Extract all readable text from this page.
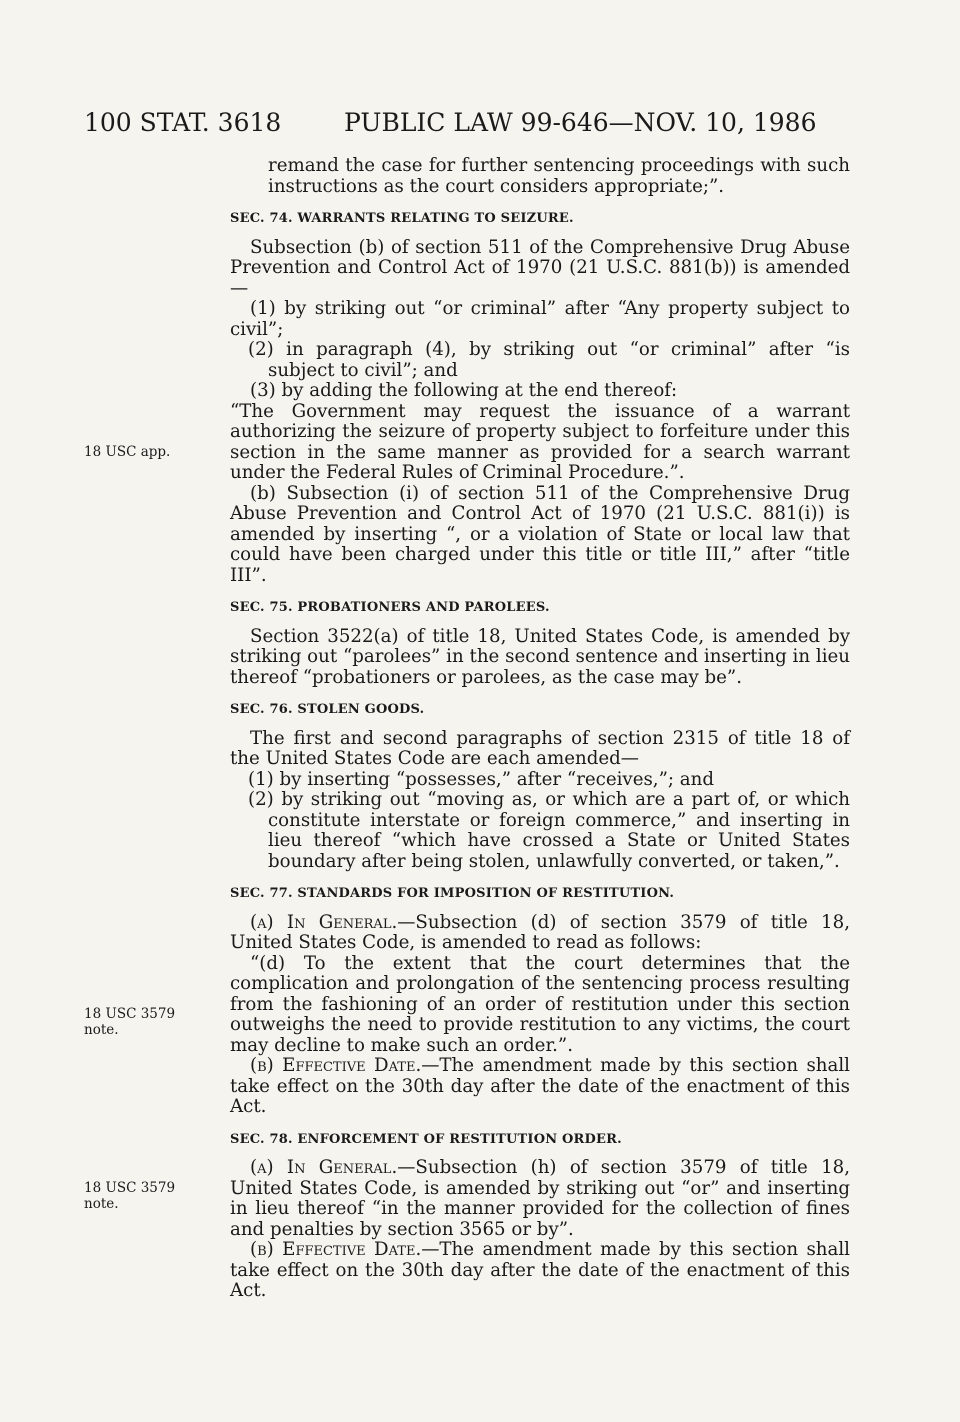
100 STAT. 3618	PUBLIC LAW 99-646—NOV. 10, 1986
18 USC app.
18 USC 3579 note.
18 USC 3579 note.

remand the case for further sentencing proceedings with such instructions as the court considers appropriate;”.

SEC. 74. WARRANTS RELATING TO SEIZURE.

Subsection (b) of section 511 of the Comprehensive Drug Abuse Prevention and Control Act of 1970 (21 U.S.C. 881(b)) is amended—

(1) by striking out “or criminal” after “Any property subject to civil”;

(2) in paragraph (4), by striking out “or criminal” after “is subject to civil”; and

(3) by adding the following at the end thereof:

“The Government may request the issuance of a warrant authorizing the seizure of property subject to forfeiture under this section in the same manner as provided for a search warrant under the Federal Rules of Criminal Procedure.”.

(b) Subsection (i) of section 511 of the Comprehensive Drug Abuse Prevention and Control Act of 1970 (21 U.S.C. 881(i)) is amended by inserting “, or a violation of State or local law that could have been charged under this title or title III,” after “title III”.

SEC. 75. PROBATIONERS AND PAROLEES.

Section 3522(a) of title 18, United States Code, is amended by striking out “parolees” in the second sentence and inserting in lieu thereof “probationers or parolees, as the case may be”.

SEC. 76. STOLEN GOODS.

The first and second paragraphs of section 2315 of title 18 of the United States Code are each amended—

(1) by inserting “possesses,” after “receives,”; and

(2) by striking out “moving as, or which are a part of, or which constitute interstate or foreign commerce,” and inserting in lieu thereof “which have crossed a State or United States boundary after being stolen, unlawfully converted, or taken,”.

SEC. 77. STANDARDS FOR IMPOSITION OF RESTITUTION.

(a) In General.—Subsection (d) of section 3579 of title 18, United States Code, is amended to read as follows:

“(d) To the extent that the court determines that the complication and prolongation of the sentencing process resulting from the fashioning of an order of restitution under this section outweighs the need to provide restitution to any victims, the court may decline to make such an order.”.

(b) Effective Date.—The amendment made by this section shall take effect on the 30th day after the date of the enactment of this Act.

SEC. 78. ENFORCEMENT OF RESTITUTION ORDER.

(a) In General.—Subsection (h) of section 3579 of title 18, United States Code, is amended by striking out “or” and inserting in lieu thereof “in the manner provided for the collection of fines and penalties by section 3565 or by”.

(b) Effective Date.—The amendment made by this section shall take effect on the 30th day after the date of the enactment of this Act.
